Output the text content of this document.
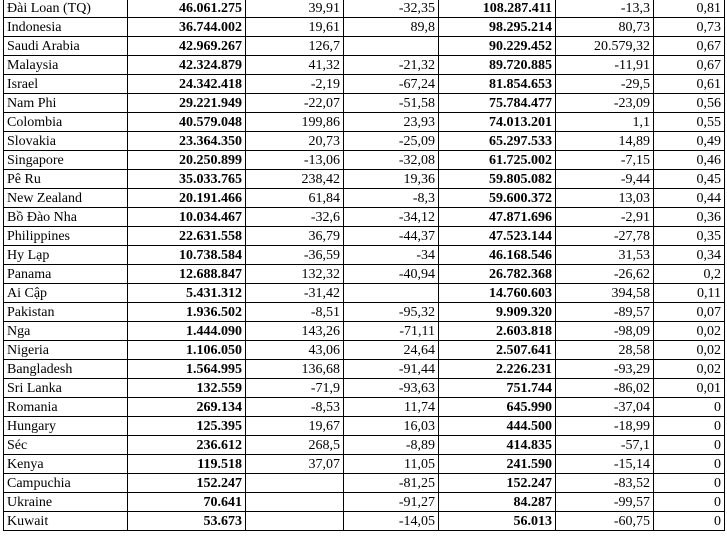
Đài Loan (TQ)	46.061.275	39,91	-32,35	108.287.411	-13,3	0,81
Indonesia	36.744.002	19,61	89,8	98.295.214	80,73	0,73
Saudi Arabia	42.969.267	126,7		90.229.452	20.579,32	0,67
Malaysia	42.324.879	41,32	-21,32	89.720.885	-11,91	0,67
Israel	24.342.418	-2,19	-67,24	81.854.653	-29,5	0,61
Nam Phi	29.221.949	-22,07	-51,58	75.784.477	-23,09	0,56
Colombia	40.579.048	199,86	23,93	74.013.201	1,1	0,55
Slovakia	23.364.350	20,73	-25,09	65.297.533	14,89	0,49
Singapore	20.250.899	-13,06	-32,08	61.725.002	-7,15	0,46
Pê Ru	35.033.765	238,42	19,36	59.805.082	-9,44	0,45
New Zealand	20.191.466	61,84	-8,3	59.600.372	13,03	0,44
Bồ Đào Nha	10.034.467	-32,6	-34,12	47.871.696	-2,91	0,36
Philippines	22.631.558	36,79	-44,37	47.523.144	-27,78	0,35
Hy Lạp	10.738.584	-36,59	-34	46.168.546	31,53	0,34
Panama	12.688.847	132,32	-40,94	26.782.368	-26,62	0,2
Ai Cập	5.431.312	-31,42		14.760.603	394,58	0,11
Pakistan	1.936.502	-8,51	-95,32	9.909.320	-89,57	0,07
Nga	1.444.090	143,26	-71,11	2.603.818	-98,09	0,02
Nigeria	1.106.050	43,06	24,64	2.507.641	28,58	0,02
Bangladesh	1.564.995	136,68	-91,44	2.226.231	-93,29	0,02
Sri Lanka	132.559	-71,9	-93,63	751.744	-86,02	0,01
Romania	269.134	-8,53	11,74	645.990	-37,04	0
Hungary	125.395	19,67	16,03	444.500	-18,99	0
Séc	236.612	268,5	-8,89	414.835	-57,1	0
Kenya	119.518	37,07	11,05	241.590	-15,14	0
Campuchia	152.247		-81,25	152.247	-83,52	0
Ukraine	70.641		-91,27	84.287	-99,57	0
Kuwait	53.673		-14,05	56.013	-60,75	0
